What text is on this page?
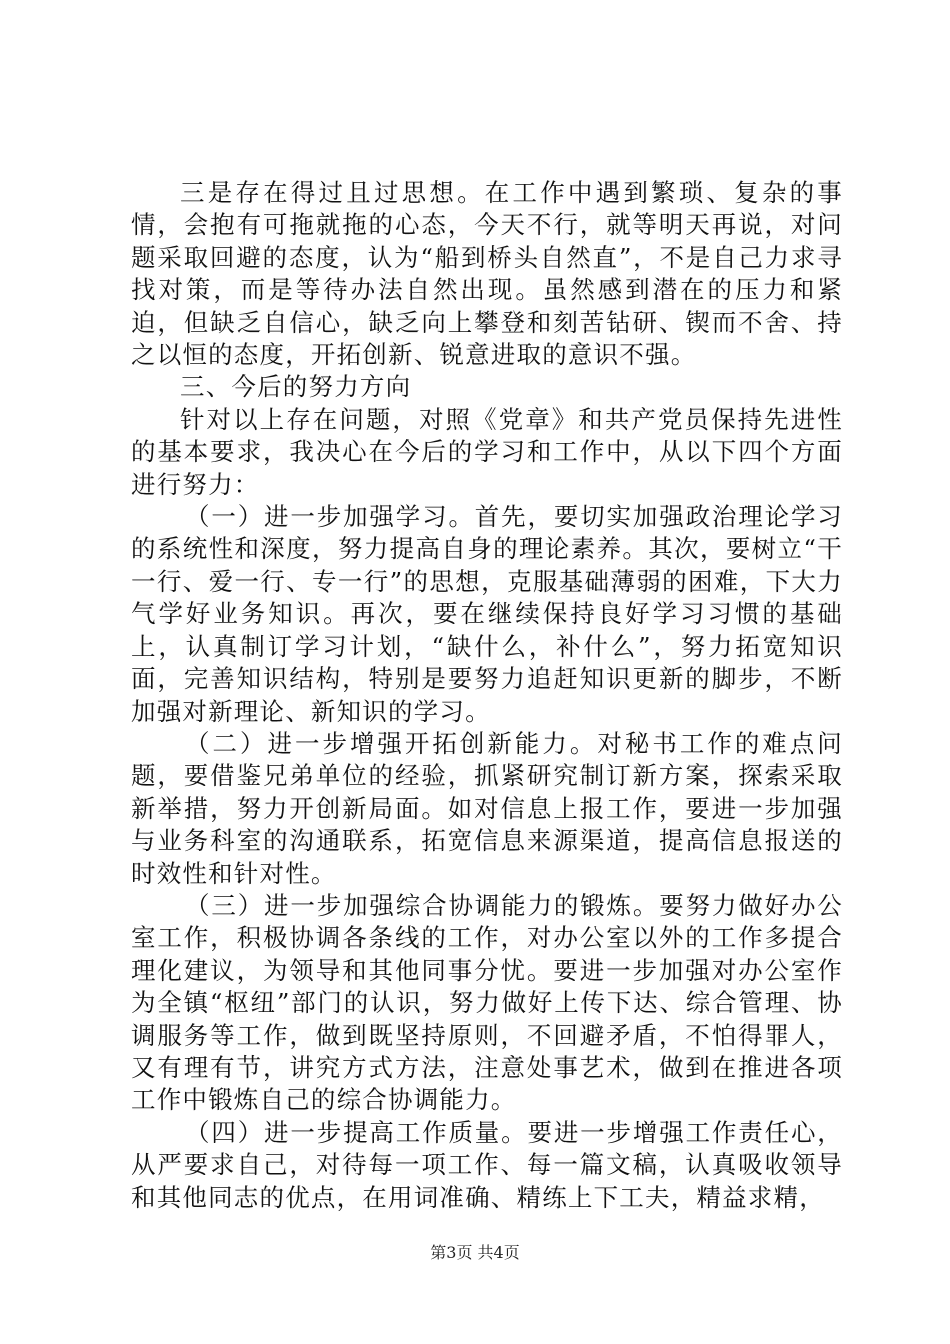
三是存在得过且过思想。在工作中遇到繁琐、复杂的事情，会抱有可拖就拖的心态，今天不行，就等明天再说，对问题采取回避的态度，认为“船到桥头自然直”，不是自己力求寻找对策，而是等待办法自然出现。虽然感到潜在的压力和紧迫，但缺乏自信心，缺乏向上攀登和刻苦钻研、锲而不舍、持之以恒的态度，开拓创新、锐意进取的意识不强。

三、今后的努力方向

针对以上存在问题，对照《党章》和共产党员保持先进性的基本要求，我决心在今后的学习和工作中，从以下四个方面进行努力：

（一）进一步加强学习。首先，要切实加强政治理论学习的系统性和深度，努力提高自身的理论素养。其次，要树立“干一行、爱一行、专一行”的思想，克服基础薄弱的困难，下大力气学好业务知识。再次，要在继续保持良好学习习惯的基础上，认真制订学习计划，“缺什么，补什么”，努力拓宽知识面，完善知识结构，特别是要努力追赶知识更新的脚步，不断加强对新理论、新知识的学习。

（二）进一步增强开拓创新能力。对秘书工作的难点问题，要借鉴兄弟单位的经验，抓紧研究制订新方案，探索采取新举措，努力开创新局面。如对信息上报工作，要进一步加强与业务科室的沟通联系，拓宽信息来源渠道，提高信息报送的时效性和针对性。

（三）进一步加强综合协调能力的锻炼。要努力做好办公室工作，积极协调各条线的工作，对办公室以外的工作多提合理化建议，为领导和其他同事分忧。要进一步加强对办公室作为全镇“枢纽”部门的认识，努力做好上传下达、综合管理、协调服务等工作，做到既坚持原则，不回避矛盾，不怕得罪人，又有理有节，讲究方式方法，注意处事艺术，做到在推进各项工作中锻炼自己的综合协调能力。

（四）进一步提高工作质量。要进一步增强工作责任心，从严要求自己，对待每一项工作、每一篇文稿，认真吸收领导和其他同志的优点，在用词准确、精练上下工夫，精益求精，

第3页 共4页
